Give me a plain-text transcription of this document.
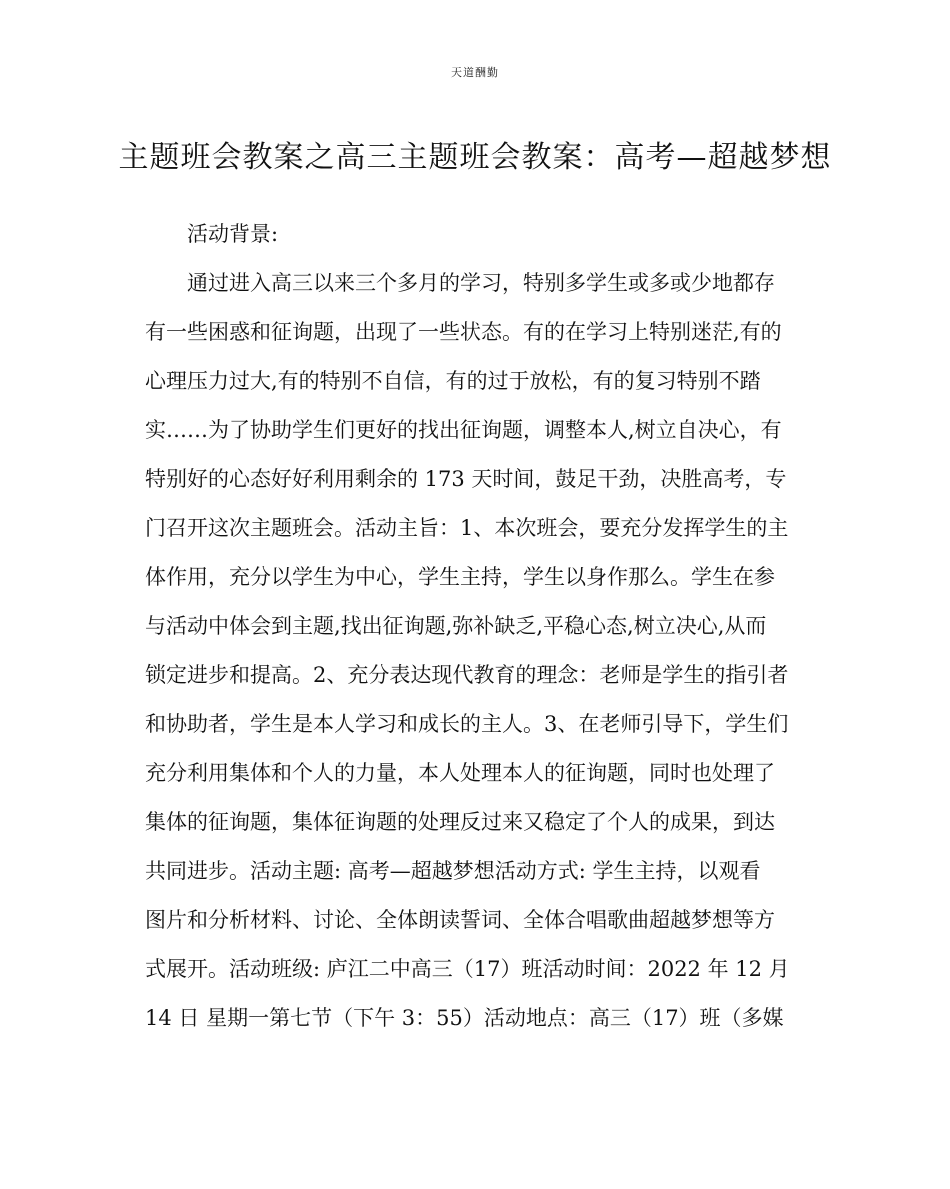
天道酬勤
主题班会教案之高三主题班会教案：高考—超越梦想

活动背景:

通过进入高三以来三个多月的学习，特别多学生或多或少地都存
有一些困惑和征询题，出现了一些状态。有的在学习上特别迷茫,有的
心理压力过大,有的特别不自信，有的过于放松，有的复习特别不踏
实……为了协助学生们更好的找出征询题，调整本人,树立自决心，有
特别好的心态好好利用剩余的 173 天时间，鼓足干劲，决胜高考，专
门召开这次主题班会。活动主旨：1、本次班会，要充分发挥学生的主
体作用，充分以学生为中心，学生主持，学生以身作那么。学生在参
与活动中体会到主题,找出征询题,弥补缺乏,平稳心态,树立决心,从而
锁定进步和提高。2、充分表达现代教育的理念：老师是学生的指引者
和协助者，学生是本人学习和成长的主人。3、在老师引导下，学生们
充分利用集体和个人的力量，本人处理本人的征询题，同时也处理了
集体的征询题，集体征询题的处理反过来又稳定了个人的成果，到达
共同进步。活动主题: 高考—超越梦想活动方式: 学生主持，以观看
图片和分析材料、讨论、全体朗读誓词、全体合唱歌曲超越梦想等方
式展开。活动班级: 庐江二中高三（17）班活动时间：2022 年 12 月
14 日 星期一第七节（下午 3：55）活动地点：高三（17）班（多媒
